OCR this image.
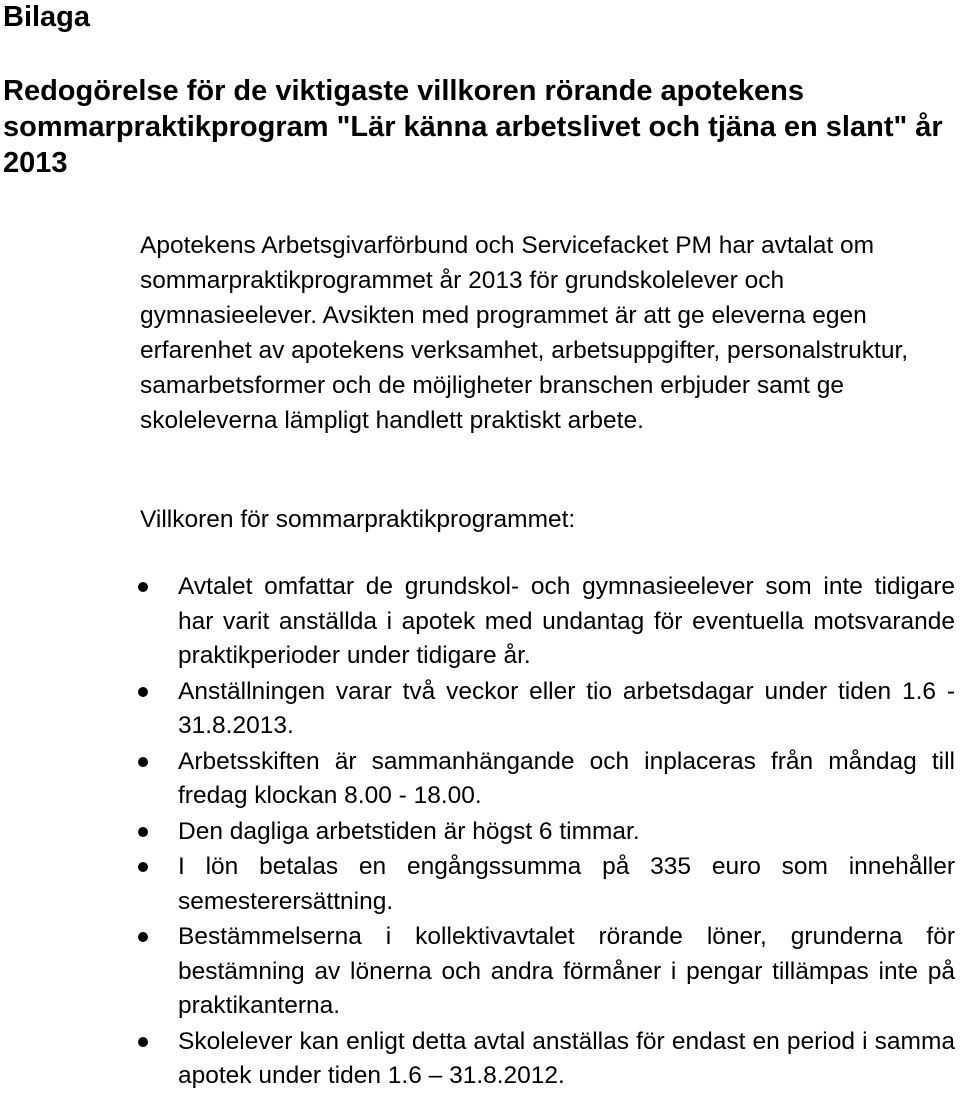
Bilaga
Redogörelse för de viktigaste villkoren rörande apotekens sommarpraktikprogram "Lär känna arbetslivet och tjäna en slant" år 2013
Apotekens Arbetsgivarförbund och Servicefacket PM har avtalat om sommarpraktikprogrammet år 2013 för grundskolelever och gymnasieelever. Avsikten med programmet är att ge eleverna egen erfarenhet av apotekens verksamhet, arbetsuppgifter, personalstruktur, samarbetsformer och de möjligheter branschen erbjuder samt ge skoleleverna lämpligt handlett praktiskt arbete.
Villkoren för sommarpraktikprogrammet:
Avtalet omfattar de grundskol- och gymnasieelever som inte tidigare har varit anställda i apotek med undantag för eventuella motsvarande praktikperioder under tidigare år.
Anställningen varar två veckor eller tio arbetsdagar under tiden 1.6 - 31.8.2013.
Arbetsskiften är sammanhängande och inplaceras från måndag till fredag klockan 8.00 - 18.00.
Den dagliga arbetstiden är högst 6 timmar.
I lön betalas en engångssumma på 335 euro som innehåller semesterersättning.
Bestämmelserna i kollektivavtalet rörande löner, grunderna för bestämning av lönerna och andra förmåner i pengar tillämpas inte på praktikanterna.
Skolelever kan enligt detta avtal anställas för endast en period i samma apotek under tiden 1.6 – 31.8.2012.
